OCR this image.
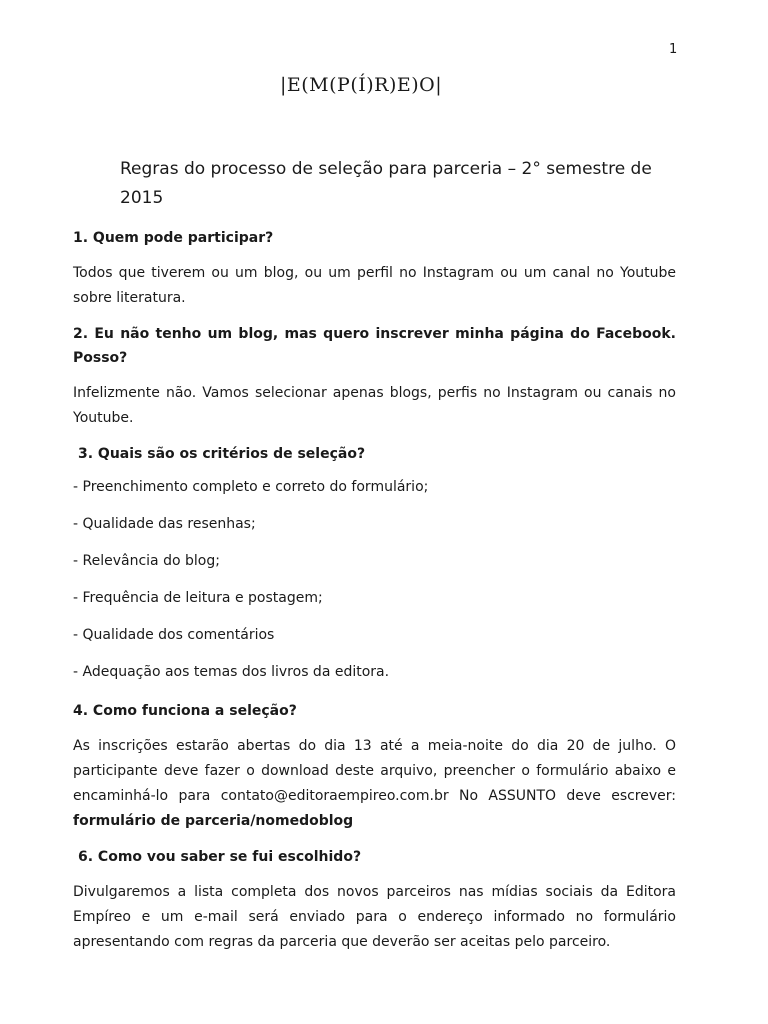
1
|E(M(P(Í)R)E)O|
Regras do processo de seleção para parceria – 2° semestre de 2015
1. Quem pode participar?
Todos que tiverem ou um blog, ou um perfil no Instagram ou um canal no Youtube sobre literatura.
2. Eu não tenho um blog, mas quero inscrever minha página do Facebook. Posso?
Infelizmente não. Vamos selecionar apenas blogs, perfis no Instagram ou canais no Youtube.
3. Quais são os critérios de seleção?
- Preenchimento completo e correto do formulário;
- Qualidade das resenhas;
- Relevância do blog;
- Frequência de leitura e postagem;
- Qualidade dos comentários
- Adequação aos temas dos livros da editora.
4. Como funciona a seleção?
As inscrições estarão abertas do dia 13 até a meia-noite do dia 20 de julho. O participante deve fazer o download deste arquivo, preencher o formulário abaixo e encaminhá-lo para contato@editoraempireo.com.br No ASSUNTO deve escrever: formulário de parceria/nomedoblog
6. Como vou saber se fui escolhido?
Divulgaremos a lista completa dos novos parceiros nas mídias sociais da Editora Empíreo e um e-mail será enviado para o endereço informado no formulário apresentando com regras da parceria que deverão ser aceitas pelo parceiro.
